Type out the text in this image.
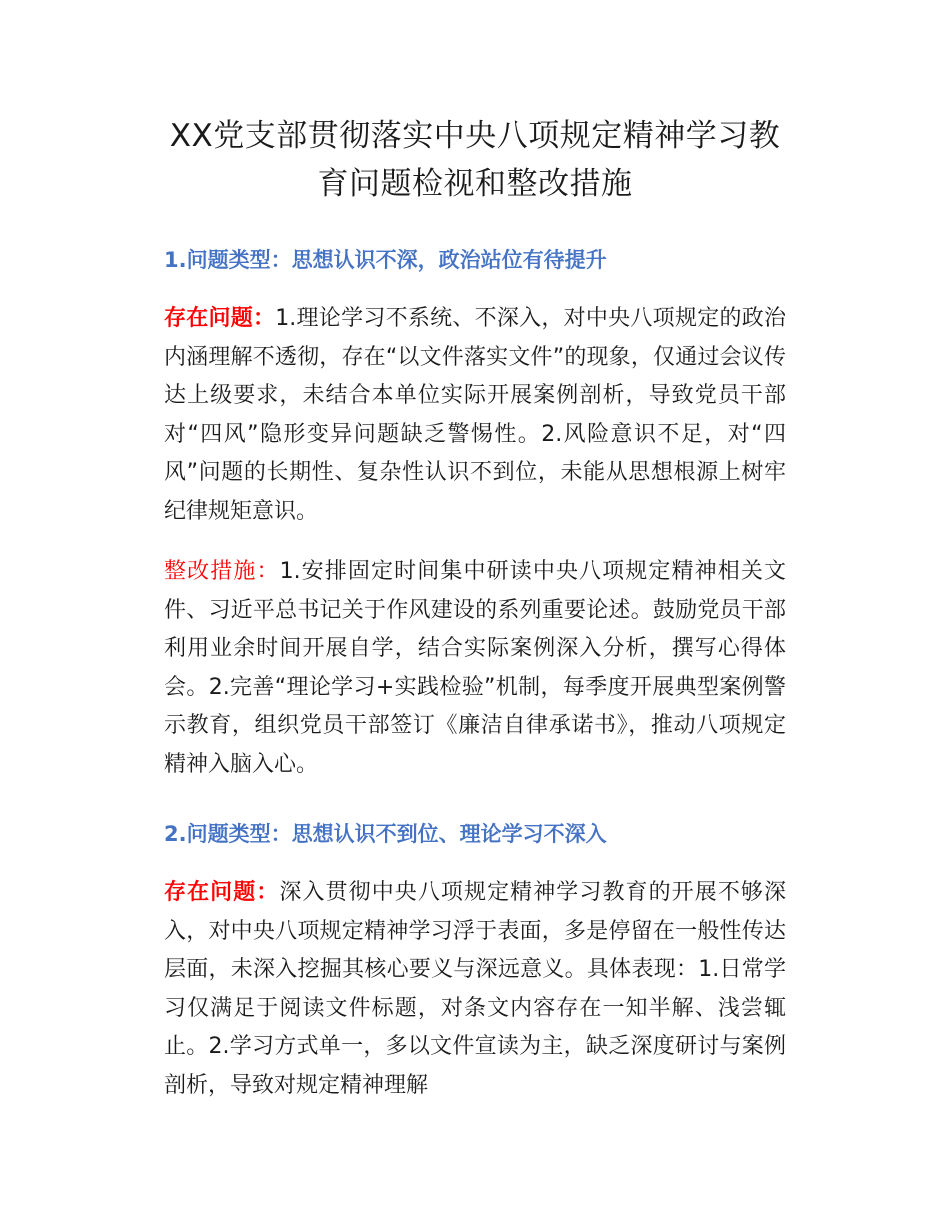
XX党支部贯彻落实中央八项规定精神学习教育问题检视和整改措施
1.问题类型：思想认识不深，政治站位有待提升

存在问题：1.理论学习不系统、不深入，对中央八项规定的政治内涵理解不透彻，存在“以文件落实文件”的现象，仅通过会议传达上级要求，未结合本单位实际开展案例剖析，导致党员干部对“四风”隐形变异问题缺乏警惕性。2.风险意识不足，对“四风”问题的长期性、复杂性认识不到位，未能从思想根源上树牢纪律规矩意识。

整改措施：1.安排固定时间集中研读中央八项规定精神相关文件、习近平总书记关于作风建设的系列重要论述。鼓励党员干部利用业余时间开展自学，结合实际案例深入分析，撰写心得体会。2.完善“理论学习+实践检验”机制，每季度开展典型案例警示教育，组织党员干部签订《廉洁自律承诺书》，推动八项规定精神入脑入心。

2.问题类型：思想认识不到位、理论学习不深入

存在问题：深入贯彻中央八项规定精神学习教育的开展不够深入，对中央八项规定精神学习浮于表面，多是停留在一般性传达层面，未深入挖掘其核心要义与深远意义。具体表现：1.日常学习仅满足于阅读文件标题，对条文内容存在一知半解、浅尝辄止。2.学习方式单一，多以文件宣读为主，缺乏深度研讨与案例剖析，导致对规定精神理解
